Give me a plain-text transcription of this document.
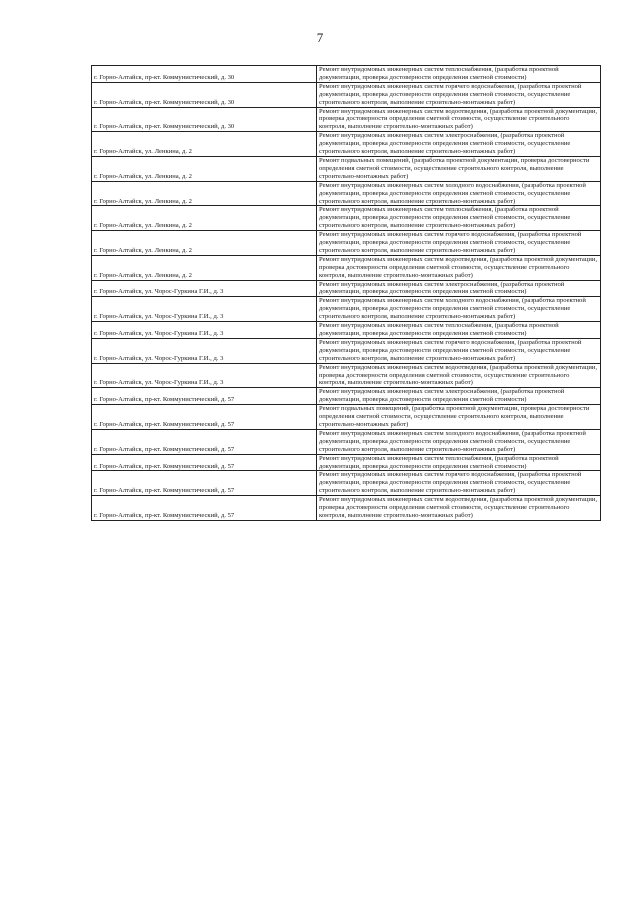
7
г. Горно-Алтайск, пр-кт. Коммунистический, д. 30	Ремонт внутридомовых инженерных систем теплоснабжения, (разработка проектной документации, проверка достоверности определения сметной стоимости)
г. Горно-Алтайск, пр-кт. Коммунистический, д. 30	Ремонт внутридомовых инженерных систем горячего водоснабжения, (разработка проектной документации, проверка достоверности определения сметной стоимости, осуществление строительного контроля, выполнение строительно-монтажных работ)
г. Горно-Алтайск, пр-кт. Коммунистический, д. 30	Ремонт внутридомовых инженерных систем водоотведения, (разработка проектной документации, проверка достоверности определения сметной стоимости, осуществление строительного контроля, выполнение строительно-монтажных работ)
г. Горно-Алтайск, ул. Ленкина, д. 2	Ремонт внутридомовых инженерных систем электроснабжения, (разработка проектной документации, проверка достоверности определения сметной стоимости, осуществление строительного контроля, выполнение строительно-монтажных работ)
г. Горно-Алтайск, ул. Ленкина, д. 2	Ремонт подвальных помещений, (разработка проектной документации, проверка достоверности определения сметной стоимости, осуществление строительного контроля, выполнение строительно-монтажных работ)
г. Горно-Алтайск, ул. Ленкина, д. 2	Ремонт внутридомовых инженерных систем холодного водоснабжения, (разработка проектной документации, проверка достоверности определения сметной стоимости, осуществление строительного контроля, выполнение строительно-монтажных работ)
г. Горно-Алтайск, ул. Ленкина, д. 2	Ремонт внутридомовых инженерных систем теплоснабжения, (разработка проектной документации, проверка достоверности определения сметной стоимости, осуществление строительного контроля, выполнение строительно-монтажных работ)
г. Горно-Алтайск, ул. Ленкина, д. 2	Ремонт внутридомовых инженерных систем горячего водоснабжения, (разработка проектной документации, проверка достоверности определения сметной стоимости, осуществление строительного контроля, выполнение строительно-монтажных работ)
г. Горно-Алтайск, ул. Ленкина, д. 2	Ремонт внутридомовых инженерных систем водоотведения, (разработка проектной документации, проверка достоверности определения сметной стоимости, осуществление строительного контроля, выполнение строительно-монтажных работ)
г. Горно-Алтайск, ул. Чорос-Гуркина Г.И., д. 3	Ремонт внутридомовых инженерных систем электроснабжения, (разработка проектной документации, проверка достоверности определения сметной стоимости)
г. Горно-Алтайск, ул. Чорос-Гуркина Г.И., д. 3	Ремонт внутридомовых инженерных систем холодного водоснабжения, (разработка проектной документации, проверка достоверности определения сметной стоимости, осуществление строительного контроля, выполнение строительно-монтажных работ)
г. Горно-Алтайск, ул. Чорос-Гуркина Г.И., д. 3	Ремонт внутридомовых инженерных систем теплоснабжения, (разработка проектной документации, проверка достоверности определения сметной стоимости)
г. Горно-Алтайск, ул. Чорос-Гуркина Г.И., д. 3	Ремонт внутридомовых инженерных систем горячего водоснабжения, (разработка проектной документации, проверка достоверности определения сметной стоимости, осуществление строительного контроля, выполнение строительно-монтажных работ)
г. Горно-Алтайск, ул. Чорос-Гуркина Г.И., д. 3	Ремонт внутридомовых инженерных систем водоотведения, (разработка проектной документации, проверка достоверности определения сметной стоимости, осуществление строительного контроля, выполнение строительно-монтажных работ)
г. Горно-Алтайск, пр-кт. Коммунистический, д. 57	Ремонт внутридомовых инженерных систем электроснабжения, (разработка проектной документации, проверка достоверности определения сметной стоимости)
г. Горно-Алтайск, пр-кт. Коммунистический, д. 57	Ремонт подвальных помещений, (разработка проектной документации, проверка достоверности определения сметной стоимости, осуществление строительного контроля, выполнение строительно-монтажных работ)
г. Горно-Алтайск, пр-кт. Коммунистический, д. 57	Ремонт внутридомовых инженерных систем холодного водоснабжения, (разработка проектной документации, проверка достоверности определения сметной стоимости, осуществление строительного контроля, выполнение строительно-монтажных работ)
г. Горно-Алтайск, пр-кт. Коммунистический, д. 57	Ремонт внутридомовых инженерных систем теплоснабжения, (разработка проектной документации, проверка достоверности определения сметной стоимости)
г. Горно-Алтайск, пр-кт. Коммунистический, д. 57	Ремонт внутридомовых инженерных систем горячего водоснабжения, (разработка проектной документации, проверка достоверности определения сметной стоимости, осуществление строительного контроля, выполнение строительно-монтажных работ)
г. Горно-Алтайск, пр-кт. Коммунистический, д. 57	Ремонт внутридомовых инженерных систем водоотведения, (разработка проектной документации, проверка достоверности определения сметной стоимости, осуществление строительного контроля, выполнение строительно-монтажных работ)
